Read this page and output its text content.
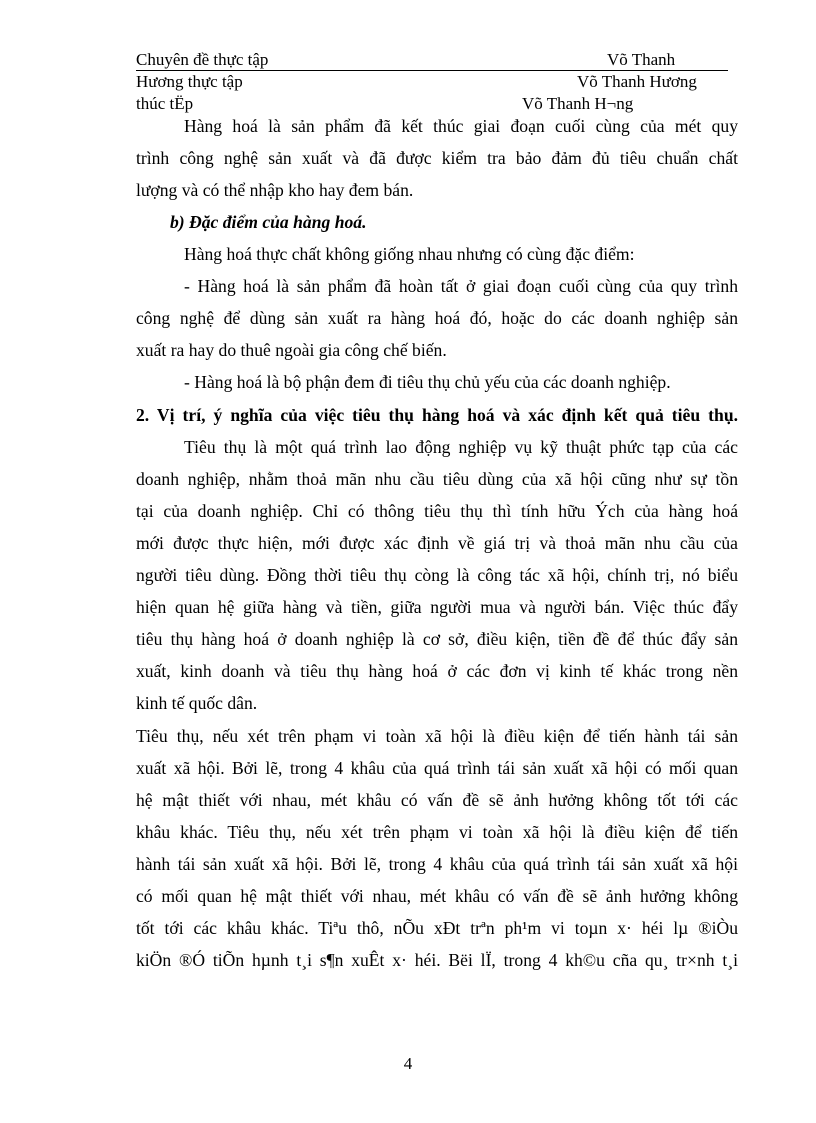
Chuyên đề thực tập	Võ Thanh
Hương thực tập	Võ Thanh Hương
thúc tËp	Võ Thanh H¬ng
Hàng hoá là sản phẩm đã kết thúc giai đoạn cuối cùng của mét quy
trình công nghệ sản xuất và đã được kiểm tra bảo đảm đủ tiêu chuẩn chất
lượng và có thể nhập kho hay đem bán.
b) Đặc điểm của hàng hoá.
Hàng hoá thực chất không giống nhau nhưng có cùng đặc điểm:
- Hàng hoá là sản phẩm đã hoàn tất ở giai đoạn cuối cùng của quy trình
công nghệ để dùng sản xuất ra hàng hoá đó, hoặc do các doanh nghiệp sản
xuất ra hay do thuê ngoài gia công chế biến.
- Hàng hoá là bộ phận đem đi tiêu thụ chủ yếu của các doanh nghiệp.
2. Vị trí, ý nghĩa của việc tiêu thụ hàng hoá và xác định kết quả tiêu thụ.
Tiêu thụ là một quá trình lao động nghiệp vụ kỹ thuật phức tạp của các
doanh nghiệp, nhằm thoả mãn nhu cầu tiêu dùng của xã hội cũng như sự tồn
tại của doanh nghiệp. Chỉ có thông tiêu thụ thì tính hữu Ých của hàng hoá
mới được thực hiện, mới được xác định về giá trị và thoả mãn nhu cầu của
người tiêu dùng. Đồng thời tiêu thụ còng là công tác xã hội, chính trị, nó biểu
hiện quan hệ giữa hàng và tiền, giữa người mua và người bán. Việc thúc đẩy
tiêu thụ hàng hoá ở doanh nghiệp là cơ sở, điều kiện, tiền đề để thúc đẩy sản
xuất, kinh doanh và tiêu thụ hàng hoá ở các đơn vị kinh tế khác trong nền
kinh tế quốc dân.
Tiêu thụ, nếu xét trên phạm vi toàn xã hội là điều kiện để tiến hành tái sản
xuất xã hội. Bởi lẽ, trong 4 khâu của quá trình tái sản xuất xã hội có mối quan
hệ mật thiết với nhau, mét khâu có vấn đề sẽ ảnh hưởng không tốt tới các
khâu khác. Tiêu thụ, nếu xét trên phạm vi toàn xã hội là điều kiện để tiến
hành tái sản xuất xã hội. Bởi lẽ, trong 4 khâu của quá trình tái sản xuất xã hội
có mối quan hệ mật thiết với nhau, mét khâu có vấn đề sẽ ảnh hưởng không
tốt tới các khâu khác. Tiªu thô, nÕu xÐt trªn ph¹m vi toµn x· héi lµ ®iÒu
kiÖn ®Ó tiÕn hµnh t¸i s¶n xuÊt x· héi. Bëi lÏ, trong 4 kh©u cña qu¸ tr×nh t¸i
4
